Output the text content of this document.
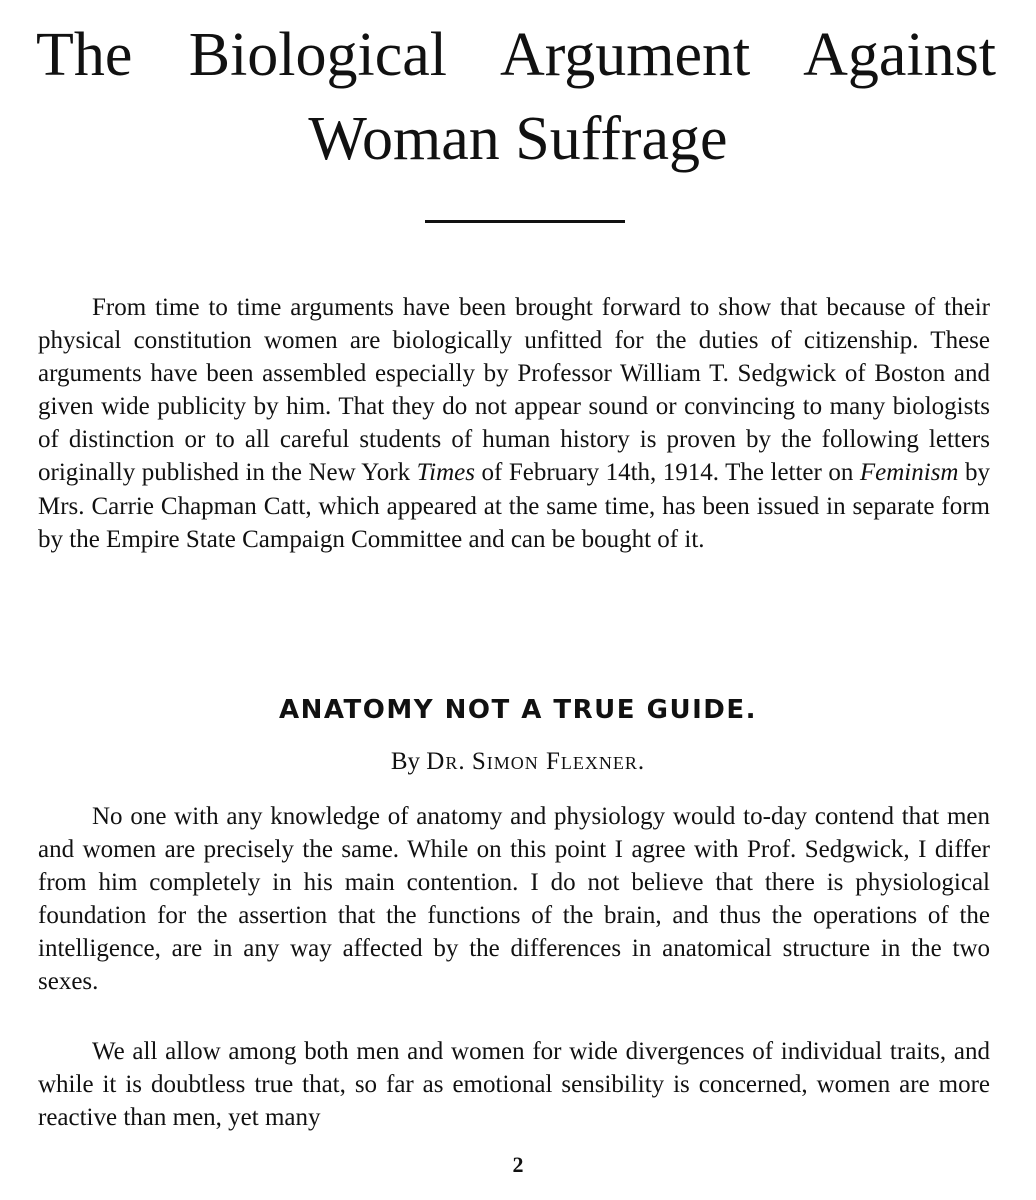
The Biological Argument Against
Woman Suffrage

From time to time arguments have been brought forward to show that because of their physical constitution women are biologically unfitted for the duties of citizenship. These arguments have been assembled especially by Professor William T. Sedgwick of Boston and given wide publicity by him. That they do not appear sound or convincing to many biologists of distinction or to all careful students of human history is proven by the following letters originally published in the New York Times of February 14th, 1914. The letter on Feminism by Mrs. Carrie Chapman Catt, which appeared at the same time, has been issued in separate form by the Empire State Campaign Committee and can be bought of it.

ANATOMY NOT A TRUE GUIDE.

By Dr. Simon Flexner.

No one with any knowledge of anatomy and physiology would to-day contend that men and women are precisely the same. While on this point I agree with Prof. Sedgwick, I differ from him completely in his main contention. I do not believe that there is physiological foundation for the assertion that the functions of the brain, and thus the operations of the intelligence, are in any way affected by the differences in anatomical structure in the two sexes.

We all allow among both men and women for wide divergences of individual traits, and while it is doubtless true that, so far as emotional sensibility is concerned, women are more reactive than men, yet many

2
